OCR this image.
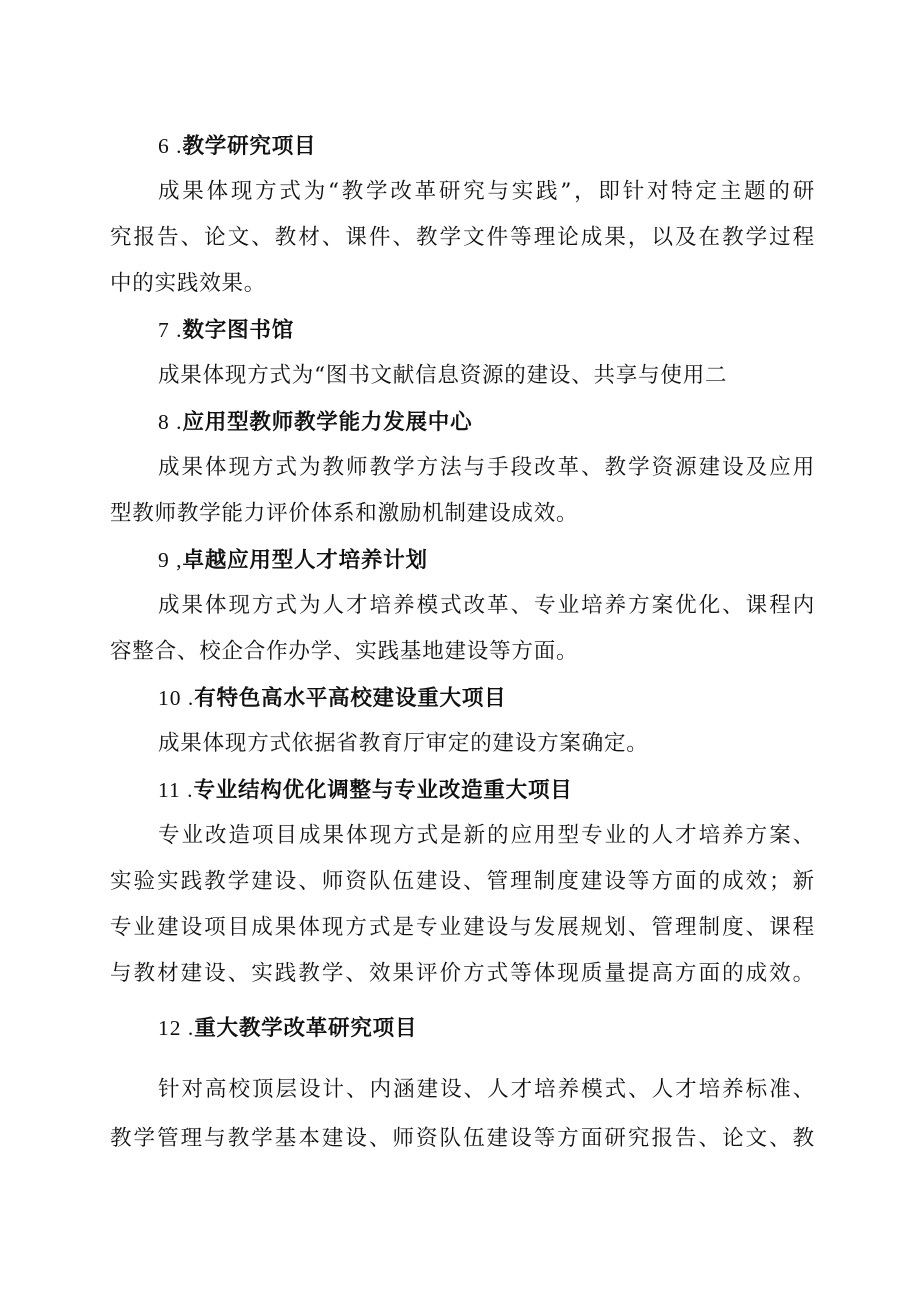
6 .教学研究项目
成果体现方式为“教学改革研究与实践”，即针对特定主题的研
究报告、论文、教材、课件、教学文件等理论成果，以及在教学过程
中的实践效果。
7 .数字图书馆
成果体现方式为“图书文献信息资源的建设、共享与使用二
8 .应用型教师教学能力发展中心
成果体现方式为教师教学方法与手段改革、教学资源建设及应用
型教师教学能力评价体系和激励机制建设成效。
9 ,卓越应用型人才培养计划
成果体现方式为人才培养模式改革、专业培养方案优化、课程内
容整合、校企合作办学、实践基地建设等方面。
10 .有特色高水平高校建设重大项目
成果体现方式依据省教育厅审定的建设方案确定。
11 .专业结构优化调整与专业改造重大项目
专业改造项目成果体现方式是新的应用型专业的人才培养方案、
实验实践教学建设、师资队伍建设、管理制度建设等方面的成效；新
专业建设项目成果体现方式是专业建设与发展规划、管理制度、课程
与教材建设、实践教学、效果评价方式等体现质量提高方面的成效。
12 .重大教学改革研究项目
针对高校顶层设计、内涵建设、人才培养模式、人才培养标准、
教学管理与教学基本建设、师资队伍建设等方面研究报告、论文、教
